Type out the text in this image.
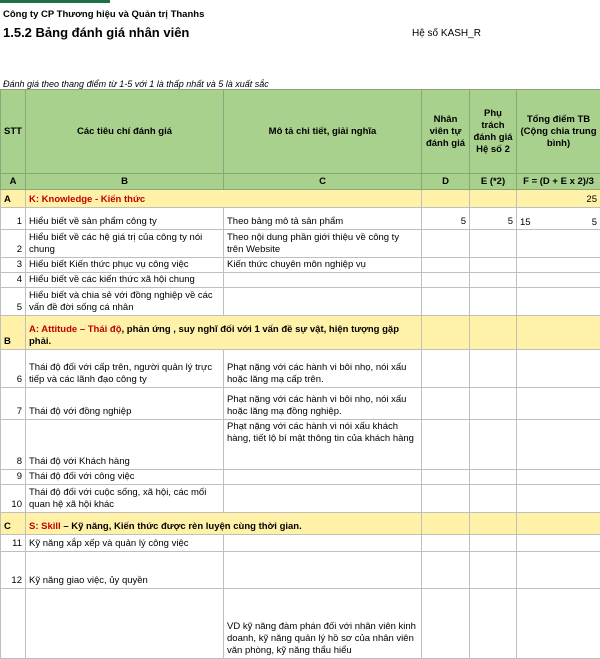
Công ty CP Thương hiệu và Quản trị Thanhs
1.5.2 Bảng đánh giá nhân viên	Hệ số KASH_R
Đánh giá theo thang điểm từ 1-5 với 1 là thấp nhất và 5 là xuất sắc
STT	Các tiêu chí đánh giá	Mô tả chi tiết, giải nghĩa	Nhân viên tự đánh giá	Phụ trách đánh giá Hệ số 2	Tổng điểm TB (Cộng chia trung bình)
A	B	C	D	E (*2)	F = (D + E x 2)/3
A	K: Knowledge - Kiến thức				25
1	Hiểu biết về sản phẩm công ty	Theo bảng mô tả sản phẩm	5	5	15 5

2	Hiểu biết về các hệ giá trị của công ty nói chung	Theo nội dung phần giới thiệu về công ty trên Website			
3	Hiểu biết Kiến thức phục vụ công việc	Kiến thức chuyên môn nghiệp vụ			
4	Hiểu biết về các kiến thức xã hội chung				
5	Hiểu biết và chia sẻ với đồng nghiệp về các vấn đề đời sống cá nhân				
B	A: Attitude – Thái độ, phản ứng , suy nghĩ đối với 1 vấn đề sự vật, hiện tượng gặp phải.				
6	Thái độ đối với cấp trên, người quản lý trực tiếp và các lãnh đạo công ty	Phạt nặng với các hành vi bôi nhọ, nói xấu hoặc lăng mạ cấp trên.			
7	Thái độ với đồng nghiệp	Phạt nặng với các hành vi bôi nhọ, nói xấu hoặc lăng mạ đồng nghiệp.			
8	Thái độ với Khách hàng	Phạt nặng với các hành vi nói xấu khách hàng, tiết lộ bí mật thông tin của khách hàng			
9	Thái độ đối với công việc				
10	Thái độ đối với cuộc sống, xã hội, các mối quan hệ xã hội khác				
C	S: Skill – Kỹ năng, Kiến thức được rèn luyện cùng thời gian.				
11	Kỹ năng xắp xếp và quản lý công việc				
12	Kỹ năng giao việc, ủy quyền				
		VD kỹ năng đàm phán đối với nhân viên kinh doanh, kỹ năng quản lý hồ sơ của nhân viên văn phòng, kỹ năng thẩu hiểu			
